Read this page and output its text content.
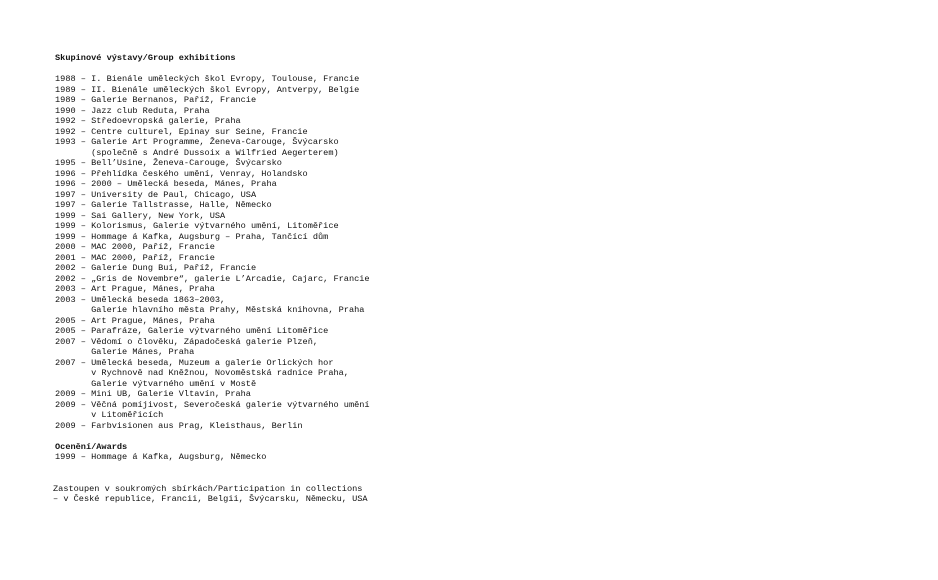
Skupinové výstavy/Group exhibitions
1988 – I. Bienále uměleckých škol Evropy, Toulouse, Francie
1989 – II. Bienále uměleckých škol Evropy, Antverpy, Belgie
1989 – Galerie Bernanos, Paříž, Francie
1990 – Jazz club Reduta, Praha
1992 – Středoevropská galerie, Praha
1992 – Centre culturel, Epinay sur Seine, Francie
1993 – Galerie Art Programme, Ženeva-Carouge, Švýcarsko
(společně s André Dussoix a Wilfried Aegerterem)
1995 – Bell’Usine, Ženeva-Carouge, Švýcarsko
1996 – Přehlídka českého umění, Venray, Holandsko
1996 – 2000 – Umělecká beseda, Mánes, Praha
1997 – University de Paul, Chicago, USA
1997 – Galerie Tallstrasse, Halle, Německo
1999 – Sai Gallery, New York, USA
1999 – Kolorismus, Galerie výtvarného umění, Litoměřice
1999 – Hommage á Kafka, Augsburg – Praha, Tančící dům
2000 – MAC 2000, Paříž, Francie
2001 – MAC 2000, Paříž, Francie
2002 – Galerie Dung Bui, Paříž, Francie
2002 – „Gris de Novembre“, galerie L’Arcadie, Cajarc, Francie
2003 – Art Prague, Mánes, Praha
2003 – Umělecká beseda 1863–2003,
Galerie hlavního města Prahy, Městská knihovna, Praha
2005 – Art Prague, Mánes, Praha
2005 – Parafráze, Galerie výtvarného umění Litoměřice
2007 – Vědomí o člověku, Západočeská galerie Plzeň,
Galerie Mánes, Praha
2007 – Umělecká beseda, Muzeum a galerie Orlických hor
v Rychnově nad Kněžnou, Novoměstská radnice Praha,
Galerie výtvarného umění v Mostě
2009 – Mini UB, Galerie Vltavín, Praha
2009 – Věčná pomíjivost, Severočeská galerie výtvarného umění
v Litoměřicích
2009 – Farbvisionen aus Prag, Kleisthaus, Berlin
Ocenění/Awards
1999 – Hommage á Kafka, Augsburg, Německo
Zastoupen v soukromých sbírkách/Participation in collections
– v České republice, Francii, Belgii, Švýcarsku, Německu, USA
